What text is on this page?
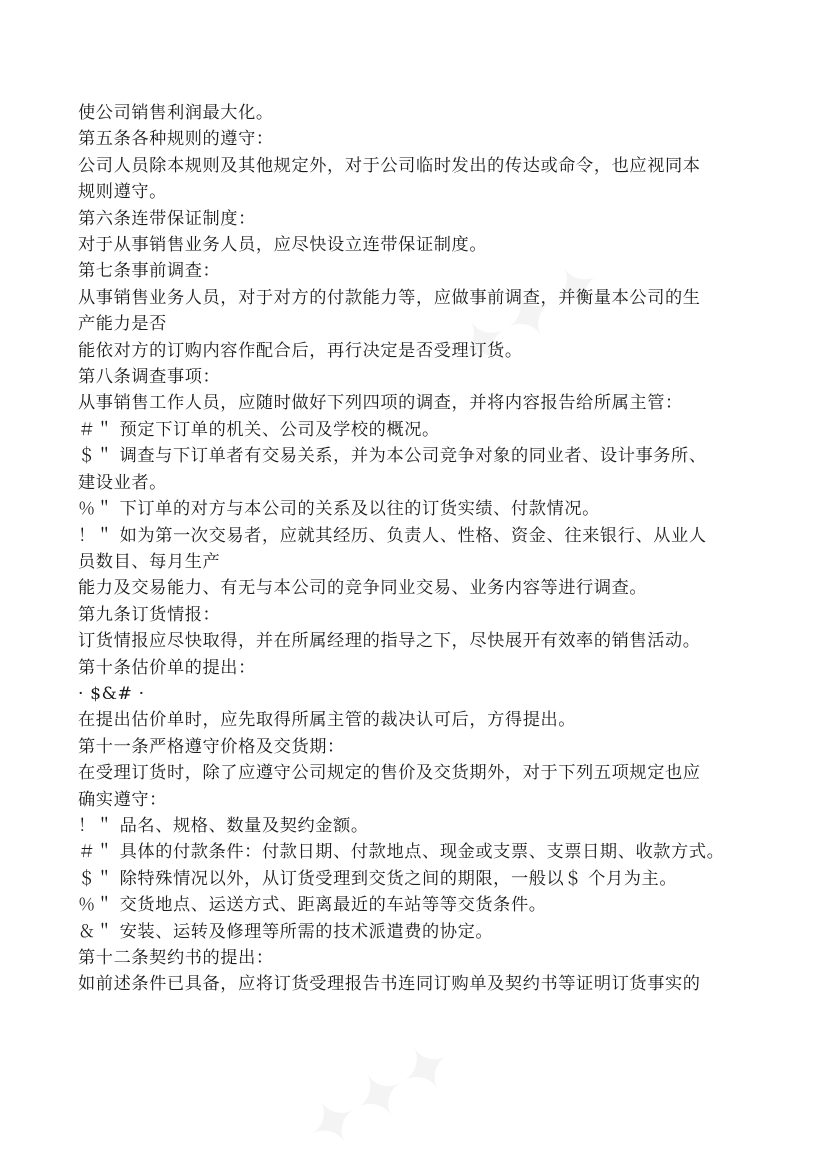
✦✦✦
✦✦✦
使公司销售利润最大化。
第五条各种规则的遵守：
公司人员除本规则及其他规定外，对于公司临时发出的传达或命令，也应视同本
规则遵守。
第六条连带保证制度：
对于从事销售业务人员，应尽快设立连带保证制度。
第七条事前调查：
从事销售业务人员，对于对方的付款能力等，应做事前调查，并衡量本公司的生
产能力是否
能依对方的订购内容作配合后，再行决定是否受理订货。
第八条调查事项：
从事销售工作人员，应随时做好下列四项的调查，并将内容报告给所属主管：
＃＂ 预定下订单的机关、公司及学校的概况。
＄＂ 调查与下订单者有交易关系，并为本公司竞争对象的同业者、设计事务所、
建设业者。
％＂ 下订单的对方与本公司的关系及以往的订货实绩、付款情况。
！＂ 如为第一次交易者，应就其经历、负责人、性格、资金、往来银行、从业人
员数目、每月生产
能力及交易能力、有无与本公司的竞争同业交易、业务内容等进行调查。
第九条订货情报：
订货情报应尽快取得，并在所属经理的指导之下，尽快展开有效率的销售活动。
第十条估价单的提出：
· $&# ·
在提出估价单时，应先取得所属主管的裁决认可后，方得提出。
第十一条严格遵守价格及交货期：
在受理订货时，除了应遵守公司规定的售价及交货期外，对于下列五项规定也应
确实遵守：
！＂ 品名、规格、数量及契约金额。
＃＂ 具体的付款条件：付款日期、付款地点、现金或支票、支票日期、收款方式。
＄＂ 除特殊情况以外，从订货受理到交货之间的期限，一般以＄ 个月为主。
％＂ 交货地点、运送方式、距离最近的车站等等交货条件。
＆＂ 安装、运转及修理等所需的技术派遣费的协定。
第十二条契约书的提出：
如前述条件已具备，应将订货受理报告书连同订购单及契约书等证明订货事实的
